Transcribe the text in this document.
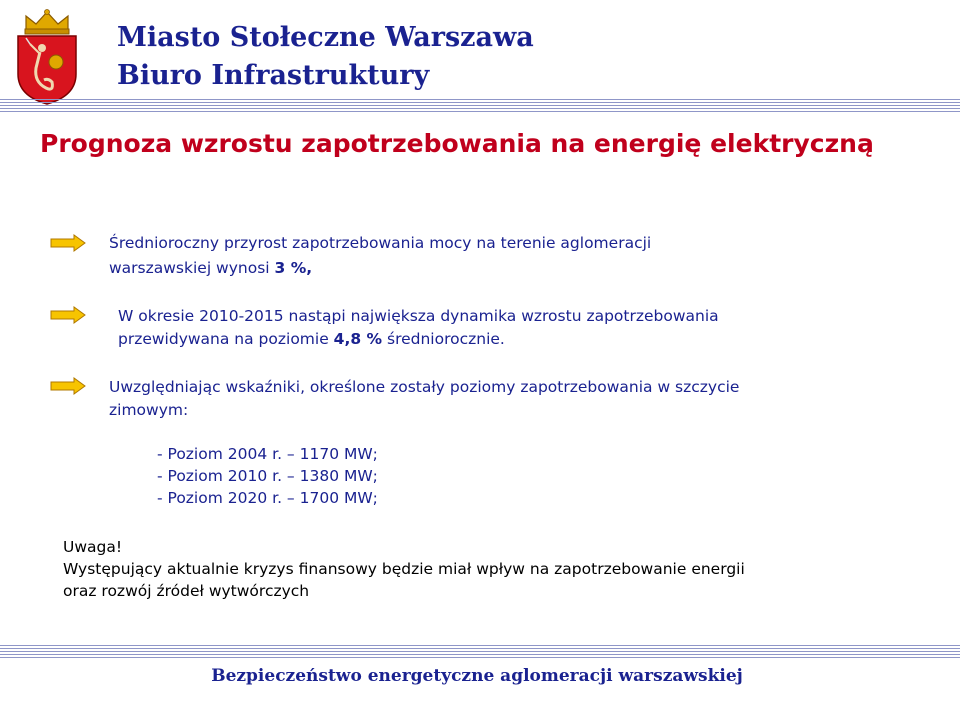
Miasto Stołeczne Warszawa
Biuro Infrastruktury
Prognoza wzrostu zapotrzebowania na energię elektryczną
Średnioroczny przyrost zapotrzebowania mocy na terenie aglomeracji
warszawskiej wynosi 3 %,
W okresie 2010-2015 nastąpi największa dynamika wzrostu zapotrzebowania
przewidywana na poziomie 4,8 % średniorocznie.
Uwzględniając wskaźniki, określone zostały poziomy zapotrzebowania w szczycie
zimowym:
- Poziom 2004 r. – 1170 MW;
- Poziom 2010 r. – 1380 MW;
- Poziom 2020 r. – 1700 MW;
Uwaga!
Występujący aktualnie kryzys finansowy będzie miał wpływ na zapotrzebowanie energii
oraz rozwój źródeł wytwórczych
Bezpieczeństwo energetyczne aglomeracji warszawskiej
